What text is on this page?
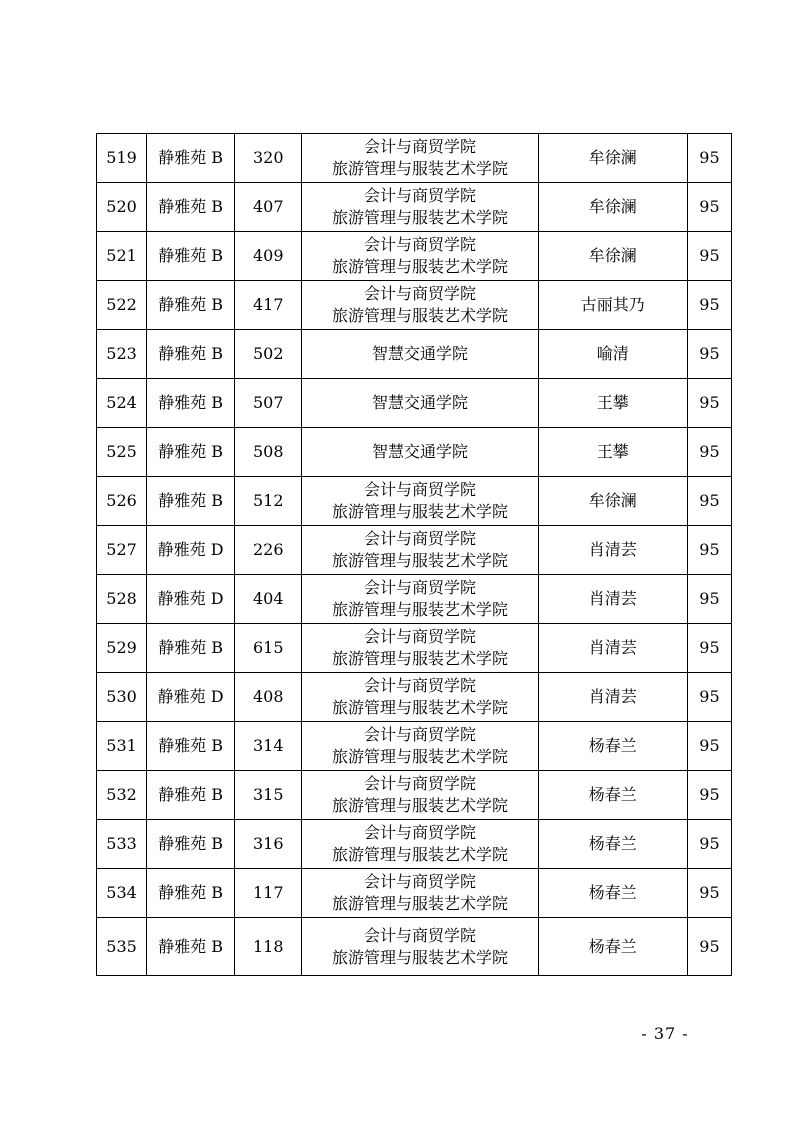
519	静雅苑 B	320	会计与商贸学院
旅游管理与服装艺术学院	牟徐澜	95
520	静雅苑 B	407	会计与商贸学院
旅游管理与服装艺术学院	牟徐澜	95
521	静雅苑 B	409	会计与商贸学院
旅游管理与服装艺术学院	牟徐澜	95
522	静雅苑 B	417	会计与商贸学院
旅游管理与服装艺术学院	古丽其乃	95
523	静雅苑 B	502	智慧交通学院	喻清	95
524	静雅苑 B	507	智慧交通学院	王攀	95
525	静雅苑 B	508	智慧交通学院	王攀	95
526	静雅苑 B	512	会计与商贸学院
旅游管理与服装艺术学院	牟徐澜	95
527	静雅苑 D	226	会计与商贸学院
旅游管理与服装艺术学院	肖清芸	95
528	静雅苑 D	404	会计与商贸学院
旅游管理与服装艺术学院	肖清芸	95
529	静雅苑 B	615	会计与商贸学院
旅游管理与服装艺术学院	肖清芸	95
530	静雅苑 D	408	会计与商贸学院
旅游管理与服装艺术学院	肖清芸	95
531	静雅苑 B	314	会计与商贸学院
旅游管理与服装艺术学院	杨春兰	95
532	静雅苑 B	315	会计与商贸学院
旅游管理与服装艺术学院	杨春兰	95
533	静雅苑 B	316	会计与商贸学院
旅游管理与服装艺术学院	杨春兰	95
534	静雅苑 B	117	会计与商贸学院
旅游管理与服装艺术学院	杨春兰	95
535	静雅苑 B	118	会计与商贸学院
旅游管理与服装艺术学院	杨春兰	95
- 37 -
